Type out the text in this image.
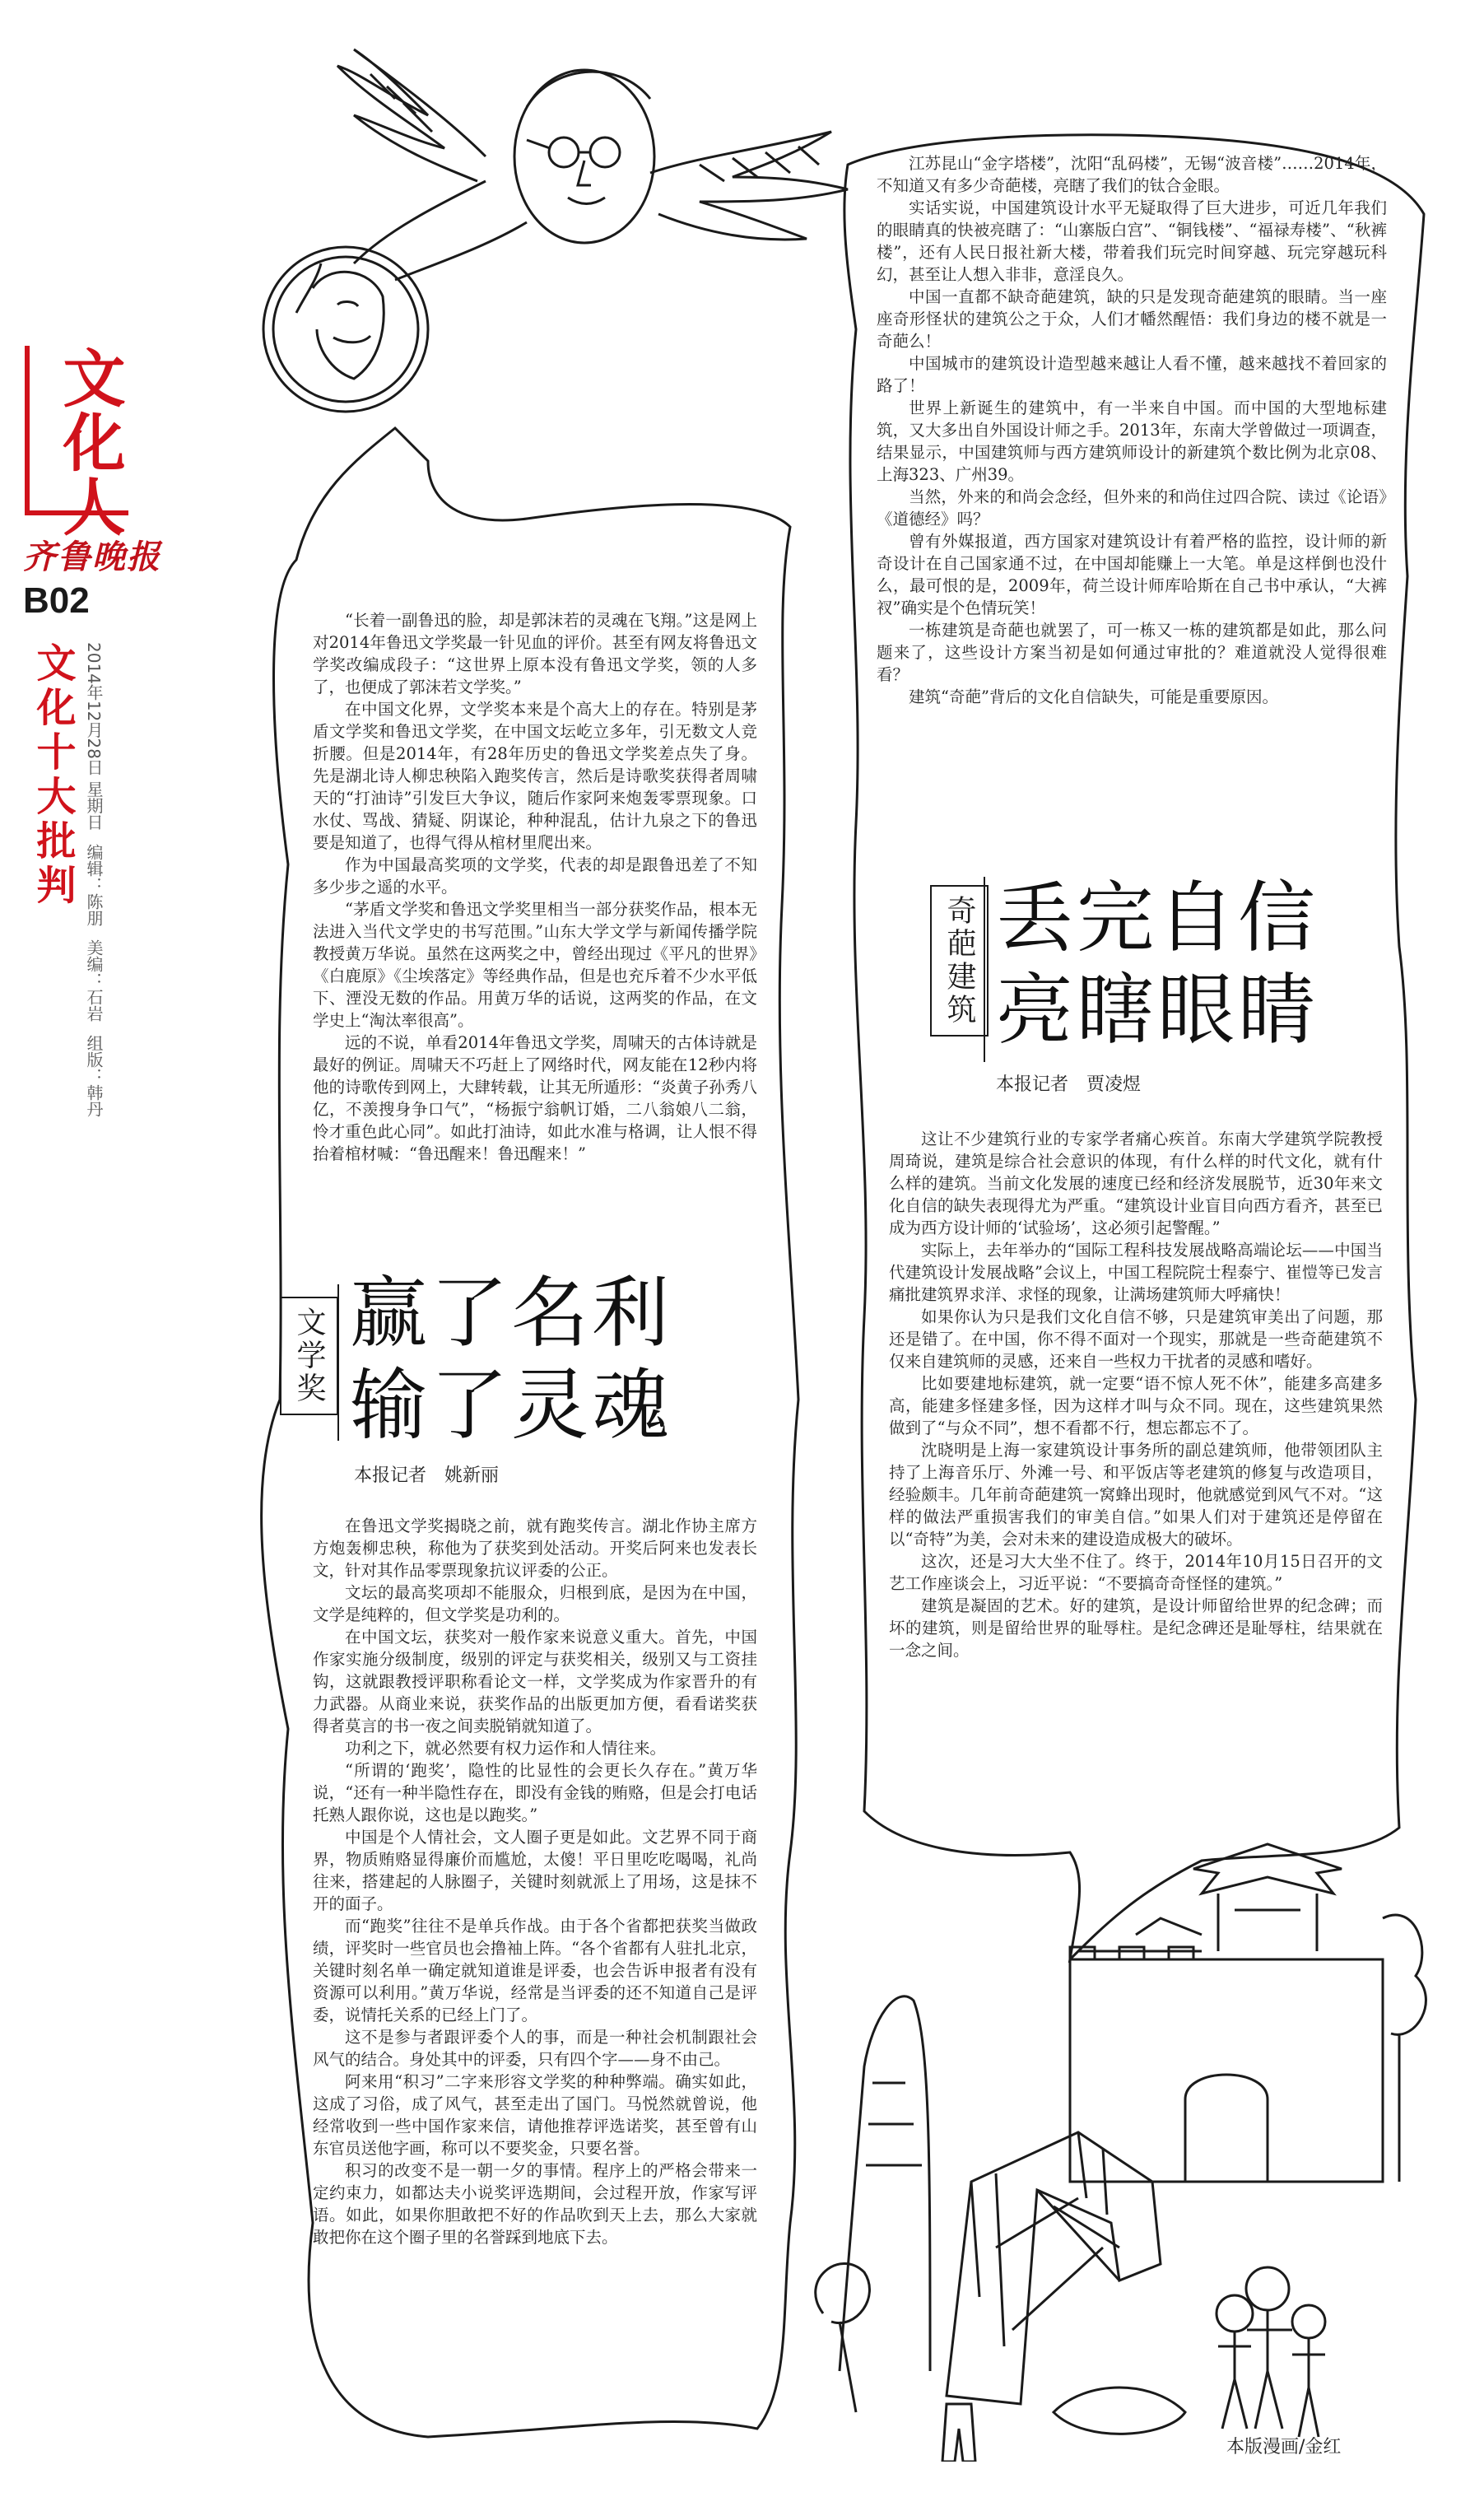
文化人
齐鲁晚报
B02
文化十大批判 2014年12月28日 星期日 编辑：陈朋 美编：石岩 组版：韩丹

“长着一副鲁迅的脸，却是郭沫若的灵魂在飞翔。”这是网上对2014年鲁迅文学奖最一针见血的评价。甚至有网友将鲁迅文学奖改编成段子：“这世界上原本没有鲁迅文学奖，领的人多了，也便成了郭沫若文学奖。”

在中国文化界，文学奖本来是个高大上的存在。特别是茅盾文学奖和鲁迅文学奖，在中国文坛屹立多年，引无数文人竞折腰。但是2014年，有28年历史的鲁迅文学奖差点失了身。先是湖北诗人柳忠秧陷入跑奖传言，然后是诗歌奖获得者周啸天的“打油诗”引发巨大争议，随后作家阿来炮轰零票现象。口水仗、骂战、猜疑、阴谋论，种种混乱，估计九泉之下的鲁迅要是知道了，也得气得从棺材里爬出来。

作为中国最高奖项的文学奖，代表的却是跟鲁迅差了不知多少步之遥的水平。

“茅盾文学奖和鲁迅文学奖里相当一部分获奖作品，根本无法进入当代文学史的书写范围。”山东大学文学与新闻传播学院教授黄万华说。虽然在这两奖之中，曾经出现过《平凡的世界》《白鹿原》《尘埃落定》等经典作品，但是也充斥着不少水平低下、湮没无数的作品。用黄万华的话说，这两奖的作品，在文学史上“淘汰率很高”。

远的不说，单看2014年鲁迅文学奖，周啸天的古体诗就是最好的例证。周啸天不巧赶上了网络时代，网友能在12秒内将他的诗歌传到网上，大肆转载，让其无所遁形：“炎黄子孙秀八亿，不羡搜身争口气”，“杨振宁翁帆订婚，二八翁娘八二翁，怜才重色此心同”。如此打油诗，如此水准与格调，让人恨不得抬着棺材喊：“鲁迅醒来！鲁迅醒来！”

文学奖 赢了名利
输了灵魂
本报记者　姚新丽

在鲁迅文学奖揭晓之前，就有跑奖传言。湖北作协主席方方炮轰柳忠秧，称他为了获奖到处活动。开奖后阿来也发表长文，针对其作品零票现象抗议评委的公正。

文坛的最高奖项却不能服众，归根到底，是因为在中国，文学是纯粹的，但文学奖是功利的。

在中国文坛，获奖对一般作家来说意义重大。首先，中国作家实施分级制度，级别的评定与获奖相关，级别又与工资挂钩，这就跟教授评职称看论文一样，文学奖成为作家晋升的有力武器。从商业来说，获奖作品的出版更加方便，看看诺奖获得者莫言的书一夜之间卖脱销就知道了。

功利之下，就必然要有权力运作和人情往来。

“所谓的‘跑奖’，隐性的比显性的会更长久存在。”黄万华说，“还有一种半隐性存在，即没有金钱的贿赂，但是会打电话托熟人跟你说，这也是以跑奖。”

中国是个人情社会，文人圈子更是如此。文艺界不同于商界，物质贿赂显得廉价而尴尬，太傻！平日里吃吃喝喝，礼尚往来，搭建起的人脉圈子，关键时刻就派上了用场，这是抹不开的面子。

而“跑奖”往往不是单兵作战。由于各个省都把获奖当做政绩，评奖时一些官员也会撸袖上阵。“各个省都有人驻扎北京，关键时刻名单一确定就知道谁是评委，也会告诉申报者有没有资源可以利用。”黄万华说，经常是当评委的还不知道自己是评委，说情托关系的已经上门了。

这不是参与者跟评委个人的事，而是一种社会机制跟社会风气的结合。身处其中的评委，只有四个字——身不由己。

阿来用“积习”二字来形容文学奖的种种弊端。确实如此，这成了习俗，成了风气，甚至走出了国门。马悦然就曾说，他经常收到一些中国作家来信，请他推荐评选诺奖，甚至曾有山东官员送他字画，称可以不要奖金，只要名誉。

积习的改变不是一朝一夕的事情。程序上的严格会带来一定约束力，如都达夫小说奖评选期间，会过程开放，作家写评语。如此，如果你胆敢把不好的作品吹到天上去，那么大家就敢把你在这个圈子里的名誉踩到地底下去。

江苏昆山“金字塔楼”，沈阳“乱码楼”，无锡“波音楼”……2014年，不知道又有多少奇葩楼，亮瞎了我们的钛合金眼。

实话实说，中国建筑设计水平无疑取得了巨大进步，可近几年我们的眼睛真的快被亮瞎了：“山寨版白宫”、“铜钱楼”、“福禄寿楼”、“秋裤楼”，还有人民日报社新大楼，带着我们玩完时间穿越、玩完穿越玩科幻，甚至让人想入非非，意淫良久。

中国一直都不缺奇葩建筑，缺的只是发现奇葩建筑的眼睛。当一座座奇形怪状的建筑公之于众，人们才幡然醒悟：我们身边的楼不就是一奇葩么！

中国城市的建筑设计造型越来越让人看不懂，越来越找不着回家的路了！

世界上新诞生的建筑中，有一半来自中国。而中国的大型地标建筑，又大多出自外国设计师之手。2013年，东南大学曾做过一项调查，结果显示，中国建筑师与西方建筑师设计的新建筑个数比例为北京08、上海323、广州39。

当然，外来的和尚会念经，但外来的和尚住过四合院、读过《论语》《道德经》吗？

曾有外媒报道，西方国家对建筑设计有着严格的监控，设计师的新奇设计在自己国家通不过，在中国却能赚上一大笔。单是这样倒也没什么，最可恨的是，2009年，荷兰设计师库哈斯在自己书中承认，“大裤衩”确实是个色情玩笑！

一栋建筑是奇葩也就罢了，可一栋又一栋的建筑都是如此，那么问题来了，这些设计方案当初是如何通过审批的？难道就没人觉得很难看？

建筑“奇葩”背后的文化自信缺失，可能是重要原因。

奇葩建筑 丢完自信
亮瞎眼睛
本报记者　贾凌煜

这让不少建筑行业的专家学者痛心疾首。东南大学建筑学院教授周琦说，建筑是综合社会意识的体现，有什么样的时代文化，就有什么样的建筑。当前文化发展的速度已经和经济发展脱节，近30年来文化自信的缺失表现得尤为严重。“建筑设计业盲目向西方看齐，甚至已成为西方设计师的‘试验场’，这必须引起警醒。”

实际上，去年举办的“国际工程科技发展战略高端论坛——中国当代建筑设计发展战略”会议上，中国工程院院士程泰宁、崔愷等已发言痛批建筑界求洋、求怪的现象，让满场建筑师大呼痛快！

如果你认为只是我们文化自信不够，只是建筑审美出了问题，那还是错了。在中国，你不得不面对一个现实，那就是一些奇葩建筑不仅来自建筑师的灵感，还来自一些权力干扰者的灵感和嗜好。

比如要建地标建筑，就一定要“语不惊人死不休”，能建多高建多高，能建多怪建多怪，因为这样才叫与众不同。现在，这些建筑果然做到了“与众不同”，想不看都不行，想忘都忘不了。

沈晓明是上海一家建筑设计事务所的副总建筑师，他带领团队主持了上海音乐厅、外滩一号、和平饭店等老建筑的修复与改造项目，经验颇丰。几年前奇葩建筑一窝蜂出现时，他就感觉到风气不对。“这样的做法严重损害我们的审美自信。”如果人们对于建筑还是停留在以“奇特”为美，会对未来的建设造成极大的破坏。

这次，还是习大大坐不住了。终于，2014年10月15日召开的文艺工作座谈会上，习近平说：“不要搞奇奇怪怪的建筑。”

建筑是凝固的艺术。好的建筑，是设计师留给世界的纪念碑；而坏的建筑，则是留给世界的耻辱柱。是纪念碑还是耻辱柱，结果就在一念之间。

本版漫画/金红
